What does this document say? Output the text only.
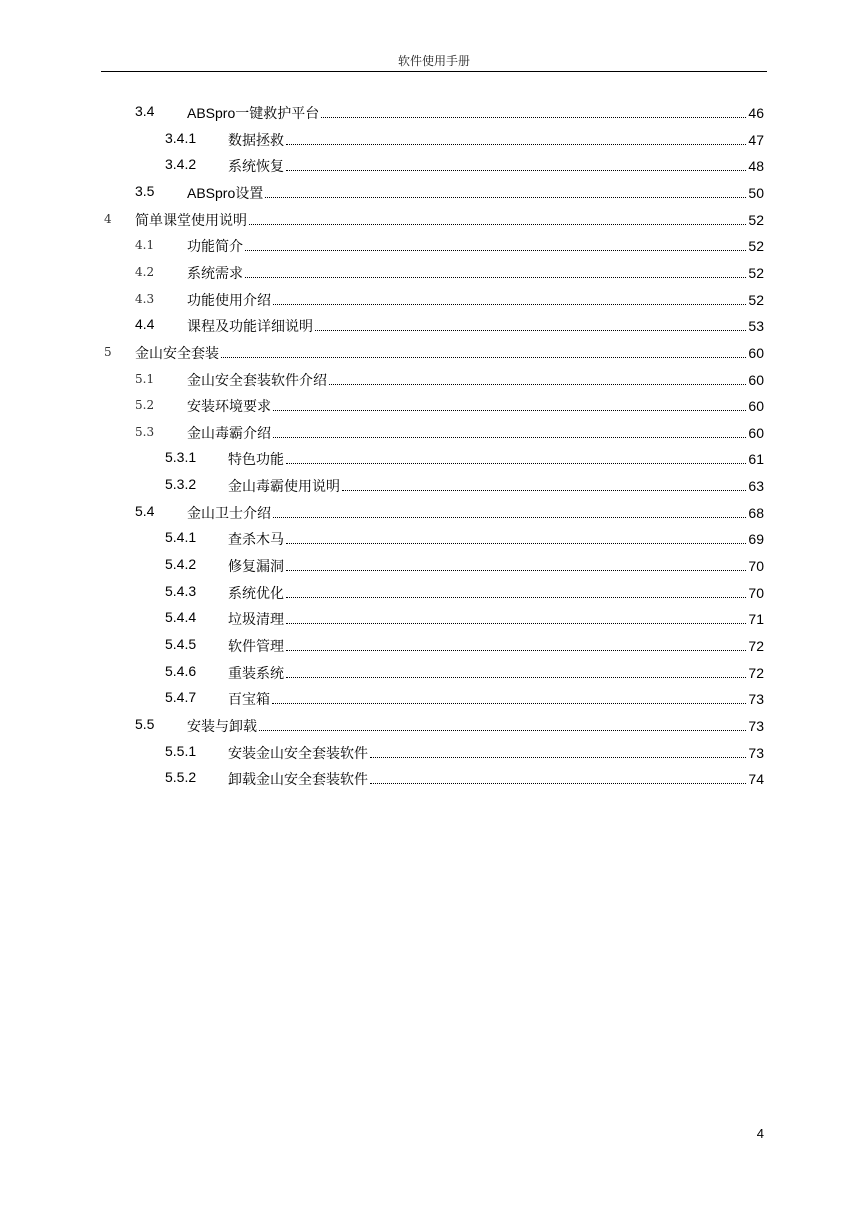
软件使用手册
3.4 ABSpro一键救护平台	46
3.4.1 数据拯救	47
3.4.2 系统恢复	48
3.5 ABSpro设置	50
4 简单课堂使用说明	52
4.1 功能简介	52
4.2 系统需求	52
4.3 功能使用介绍	52
4.4 课程及功能详细说明	53
5 金山安全套装	60
5.1 金山安全套装软件介绍	60
5.2 安装环境要求	60
5.3 金山毒霸介绍	60
5.3.1 特色功能	61
5.3.2 金山毒霸使用说明	63
5.4 金山卫士介绍	68
5.4.1 查杀木马	69
5.4.2 修复漏洞	70
5.4.3 系统优化	70
5.4.4 垃圾清理	71
5.4.5 软件管理	72
5.4.6 重装系统	72
5.4.7 百宝箱	73
5.5 安装与卸载	73
5.5.1 安装金山安全套装软件	73
5.5.2 卸载金山安全套装软件	74
4
